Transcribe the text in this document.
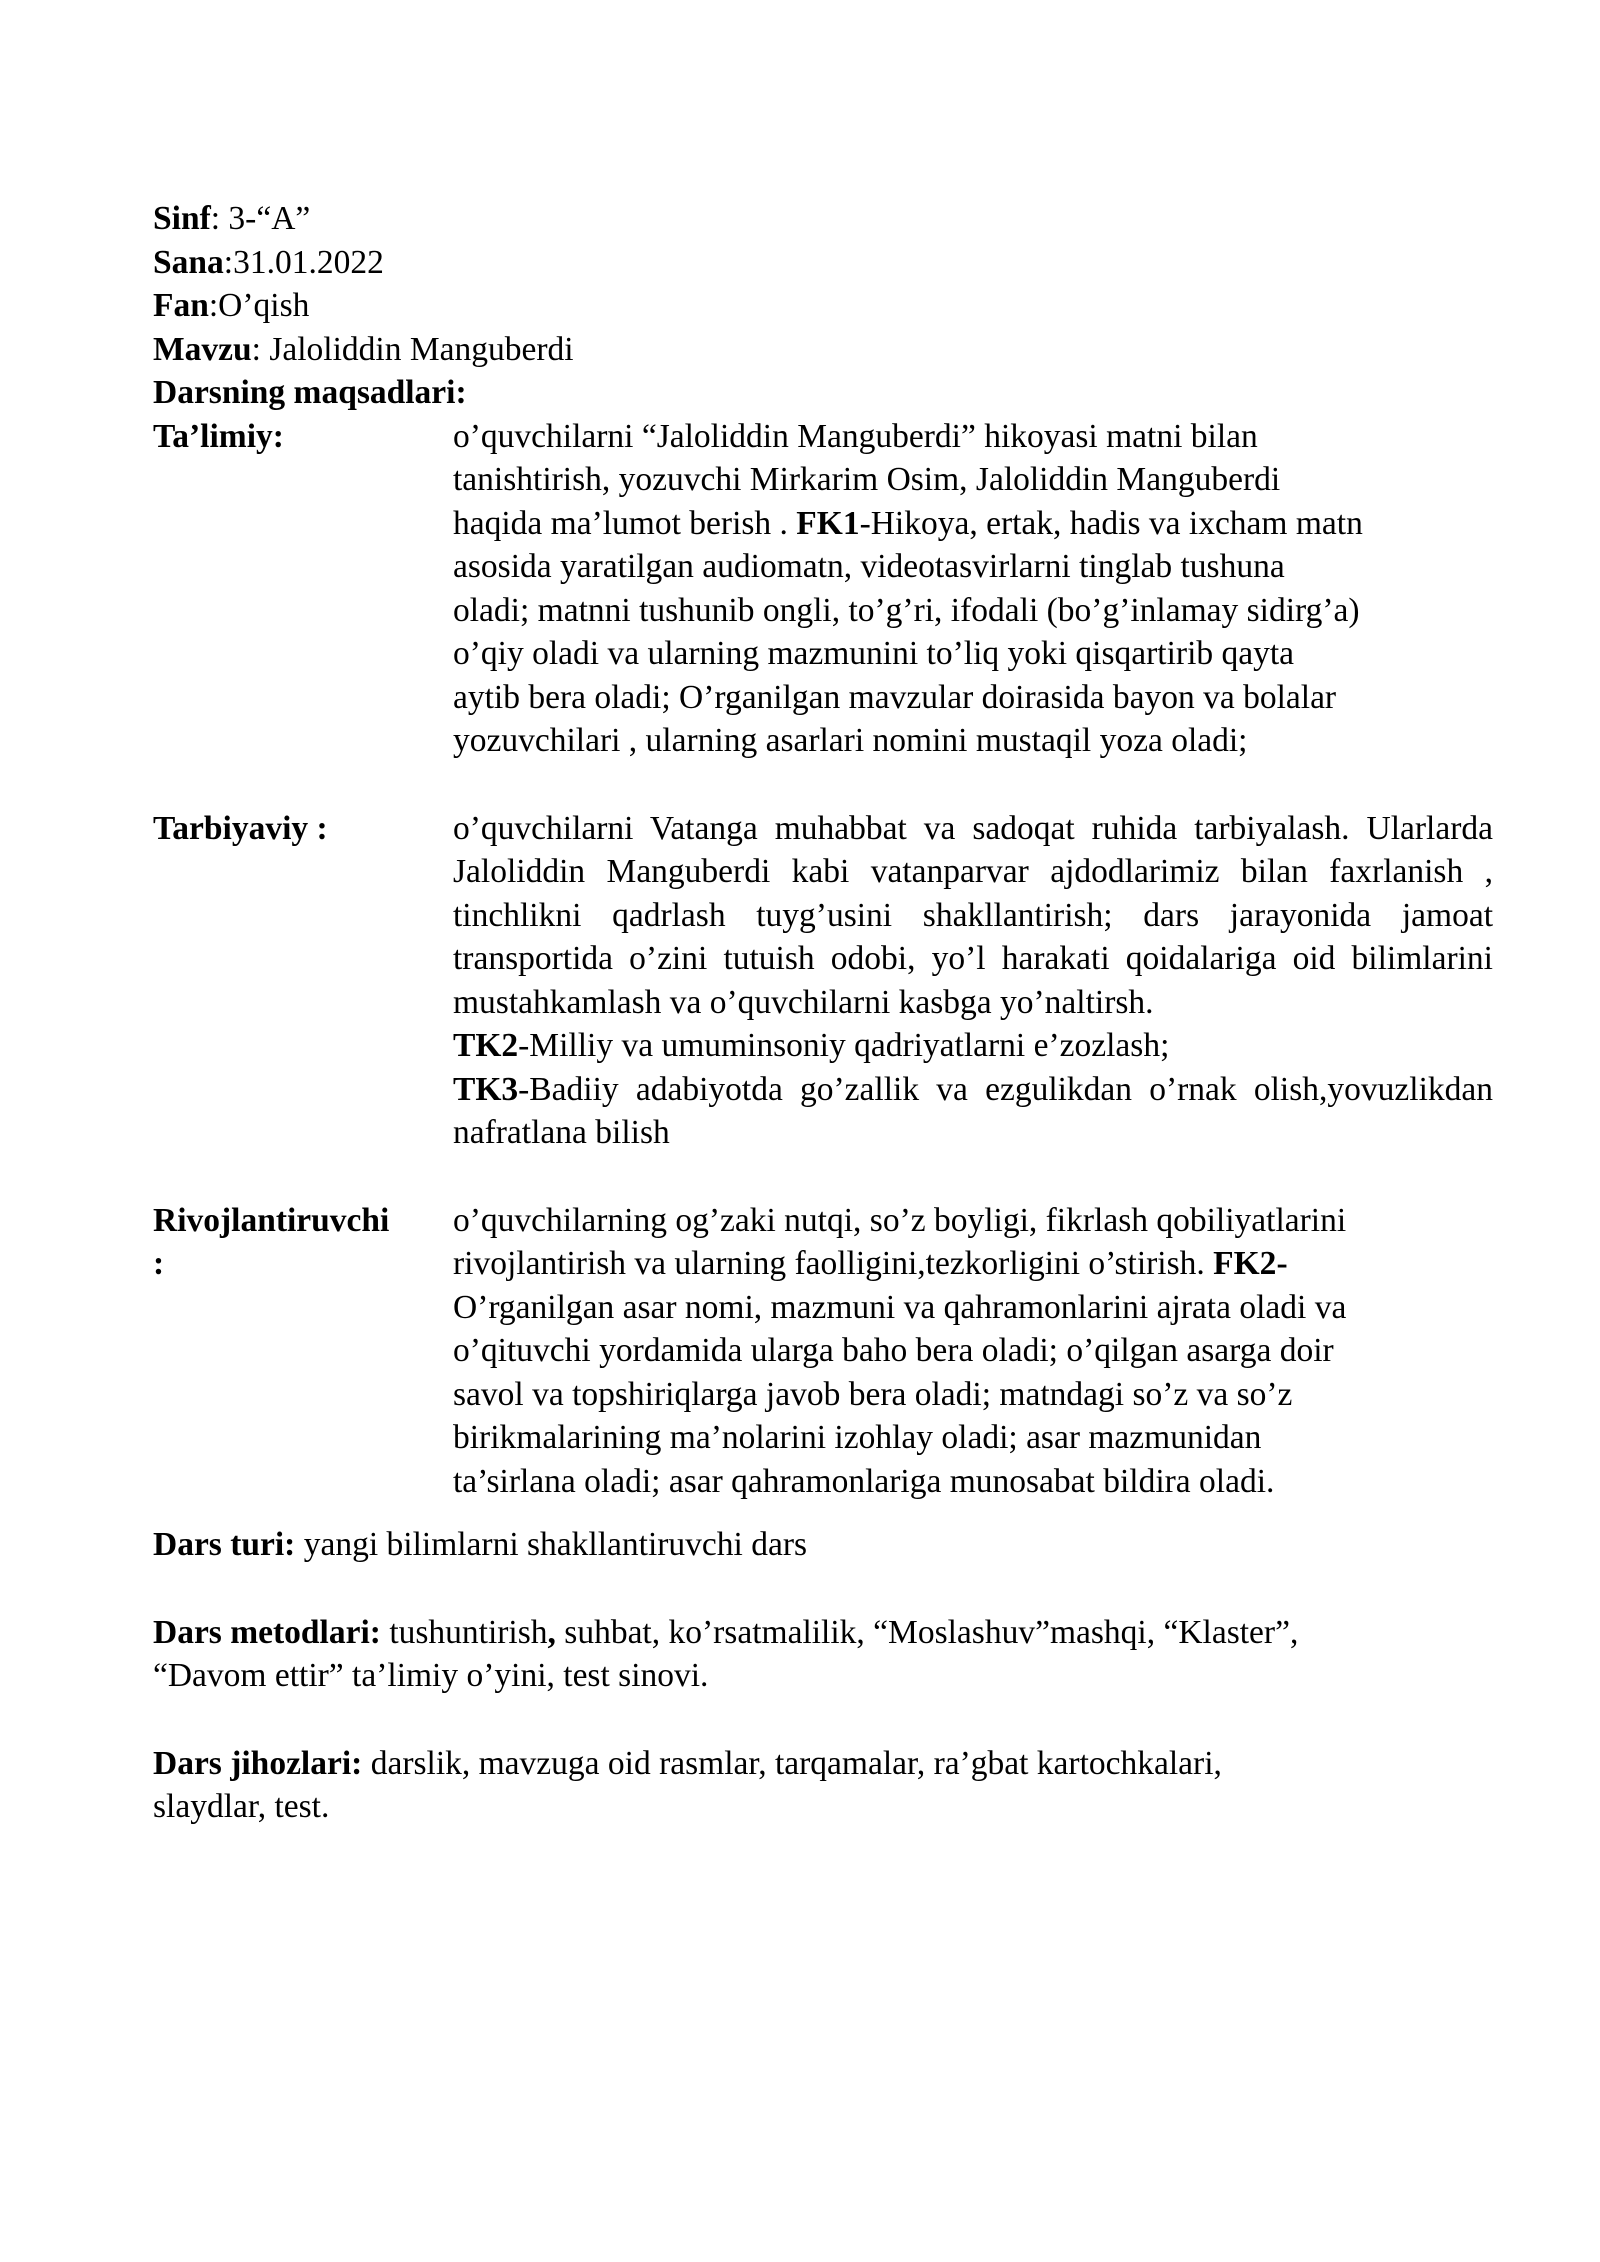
Sinf: 3-“A”
Sana:31.01.2022
Fan:O’qish
Mavzu: Jaloliddin Manguberdi
Darsning maqsadlari:
Ta’limiy:	o’quvchilarni “Jaloliddin Manguberdi” hikoyasi matni bilan
tanishtirish, yozuvchi Mirkarim Osim, Jaloliddin Manguberdi
haqida ma’lumot berish . FK1-Hikoya, ertak, hadis va ixcham matn
asosida yaratilgan audiomatn, videotasvirlarni tinglab tushuna
oladi; matnni tushunib ongli, to’g’ri, ifodali (bo’g’inlamay sidirg’a)
o’qiy oladi va ularning mazmunini to’liq yoki qisqartirib qayta
aytib bera oladi; O’rganilgan mavzular doirasida bayon va bolalar
yozuvchilari , ularning asarlari nomini mustaqil yoza oladi;
Tarbiyaviy :	o’quvchilarni Vatanga muhabbat va sadoqat ruhida tarbiyalash. Ularlarda Jaloliddin Manguberdi kabi vatanparvar ajdodlarimiz bilan faxrlanish , tinchlikni qadrlash tuyg’usini shakllantirish; dars jarayonida jamoat transportida o’zini tutuish odobi, yo’l harakati qoidalariga oid bilimlarini mustahkamlash va o’quvchilarni kasbga yo’naltirsh.

TK2-Milliy va umuminsoniy qadriyatlarni e’zozlash;

TK3-Badiiy adabiyotda go’zallik va ezgulikdan o’rnak olish,yovuzlikdan nafratlana bilish

Rivojlantiruvchi
:
o’quvchilarning og’zaki nutqi, so’z boyligi, fikrlash qobiliyatlarini
rivojlantirish va ularning faolligini,tezkorligini o’stirish. FK2-
O’rganilgan asar nomi, mazmuni va qahramonlarini ajrata oladi va
o’qituvchi yordamida ularga baho bera oladi; o’qilgan asarga doir
savol va topshiriqlarga javob bera oladi; matndagi so’z va so’z
birikmalarining ma’nolarini izohlay oladi; asar mazmunidan
ta’sirlana oladi; asar qahramonlariga munosabat bildira oladi.
Dars turi: yangi bilimlarni shakllantiruvchi dars
Dars metodlari: tushuntirish, suhbat, ko’rsatmalilik, “Moslashuv”mashqi, “Klaster”,
“Davom ettir” ta’limiy o’yini, test sinovi.
Dars jihozlari: darslik, mavzuga oid rasmlar, tarqamalar, ra’gbat kartochkalari,
slaydlar, test.
